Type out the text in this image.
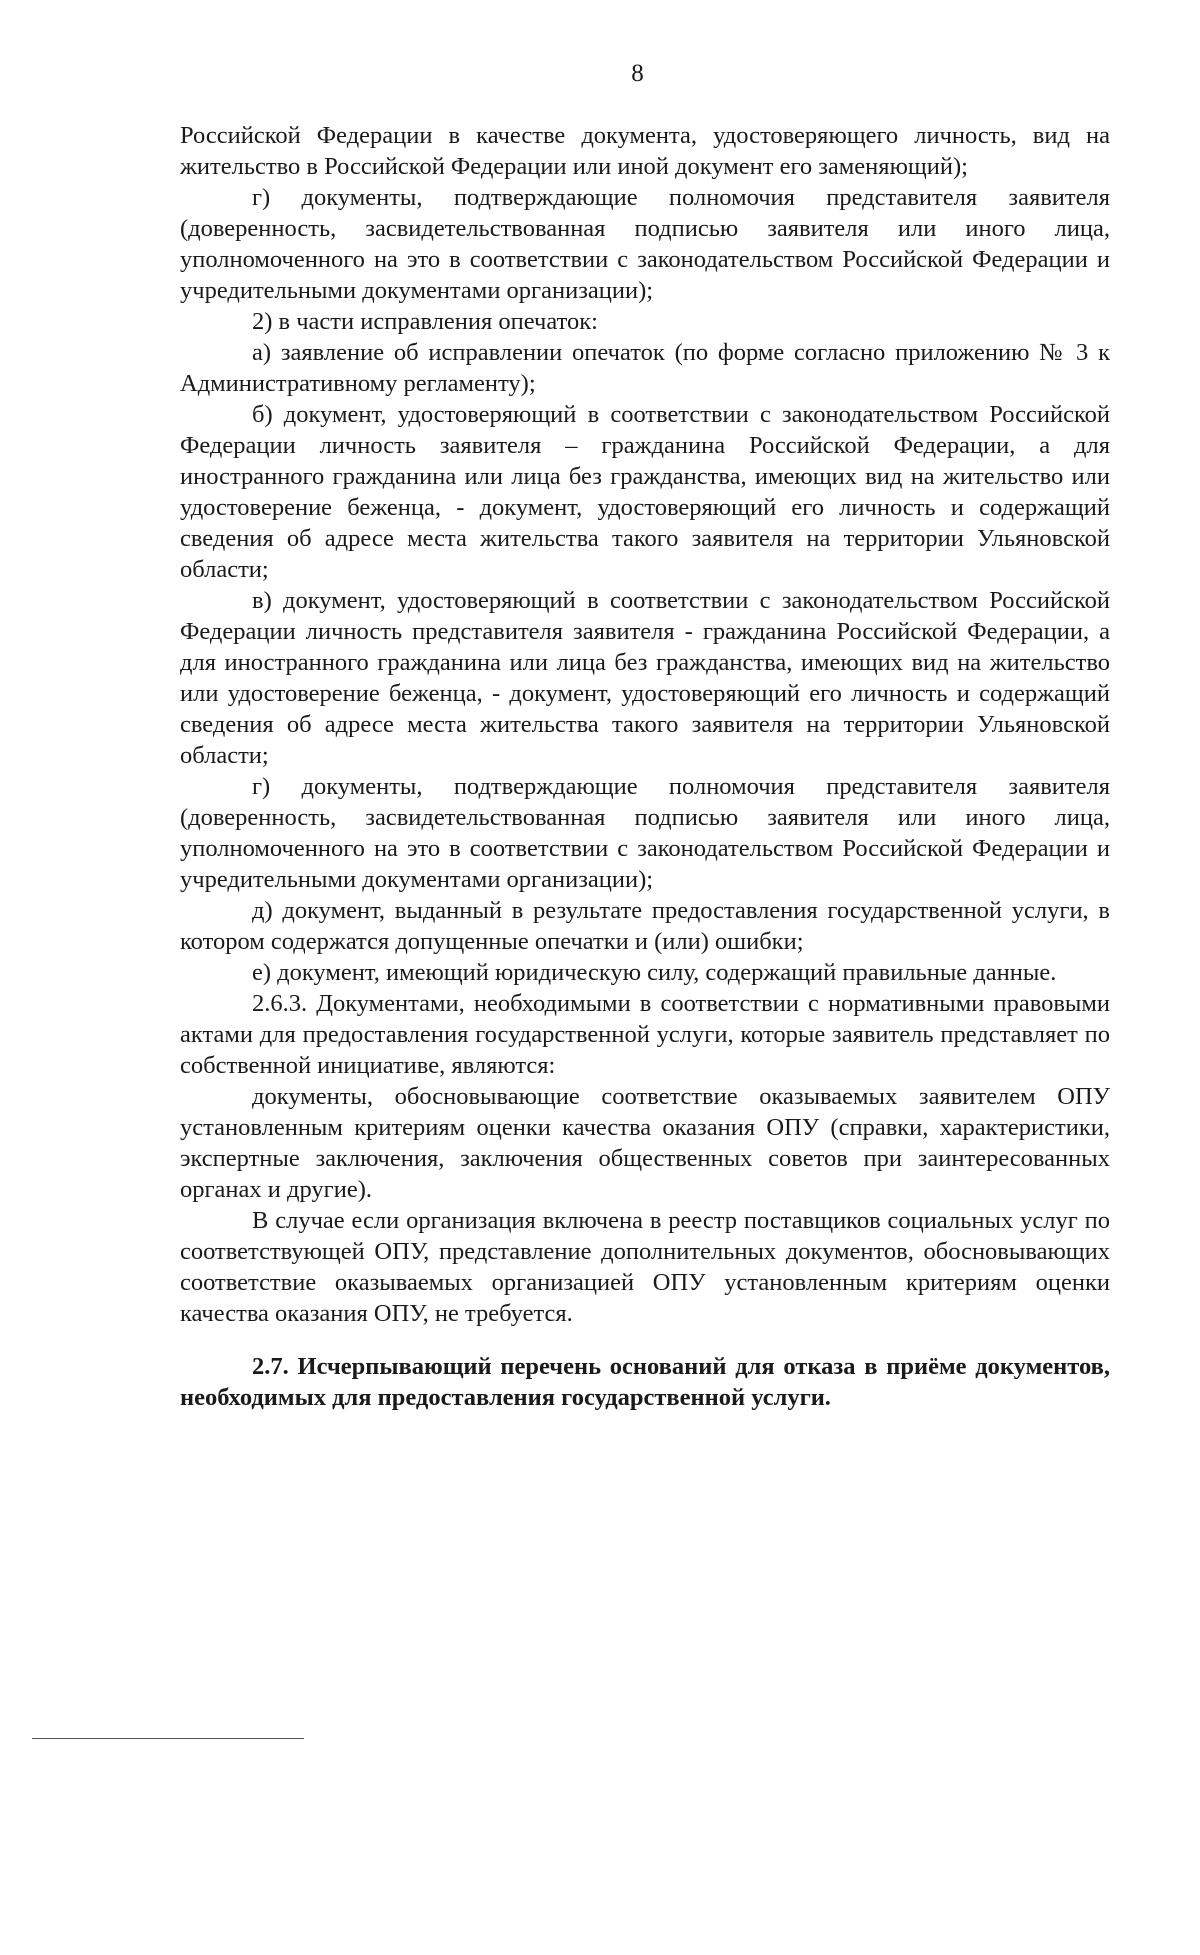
8

Российской Федерации в качестве документа, удостоверяющего личность, вид на жительство в Российской Федерации или иной документ его заменяющий);

г) документы, подтверждающие полномочия представителя заявителя (доверенность, засвидетельствованная подписью заявителя или иного лица, уполномоченного на это в соответствии с законодательством Российской Федерации и учредительными документами организации);

2) в части исправления опечаток:

а) заявление об исправлении опечаток (по форме согласно приложению № 3 к Административному регламенту);

б) документ, удостоверяющий в соответствии с законодательством Российской Федерации личность заявителя – гражданина Российской Федерации, а для иностранного гражданина или лица без гражданства, имеющих вид на жительство или удостоверение беженца, - документ, удостоверяющий его личность и содержащий сведения об адресе места жительства такого заявителя на территории Ульяновской области;

в) документ, удостоверяющий в соответствии с законодательством Российской Федерации личность представителя заявителя - гражданина Российской Федерации, а для иностранного гражданина или лица без гражданства, имеющих вид на жительство или удостоверение беженца, - документ, удостоверяющий его личность и содержащий сведения об адресе места жительства такого заявителя на территории Ульяновской области;

г) документы, подтверждающие полномочия представителя заявителя (доверенность, засвидетельствованная подписью заявителя или иного лица, уполномоченного на это в соответствии с законодательством Российской Федерации и учредительными документами организации);

д) документ, выданный в результате предоставления государственной услуги, в котором содержатся допущенные опечатки и (или) ошибки;

е) документ, имеющий юридическую силу, содержащий правильные данные.

2.6.3. Документами, необходимыми в соответствии с нормативными правовыми актами для предоставления государственной услуги, которые заявитель представляет по собственной инициативе, являются:

документы, обосновывающие соответствие оказываемых заявителем ОПУ установленным критериям оценки качества оказания ОПУ (справки, характеристики, экспертные заключения, заключения общественных советов при заинтересованных органах и другие).

В случае если организация включена в реестр поставщиков социальных услуг по соответствующей ОПУ, представление дополнительных документов, обосновывающих соответствие оказываемых организацией ОПУ установленным критериям оценки качества оказания ОПУ, не требуется.

2.7. Исчерпывающий перечень оснований для отказа в приёме документов, необходимых для предоставления государственной услуги.
